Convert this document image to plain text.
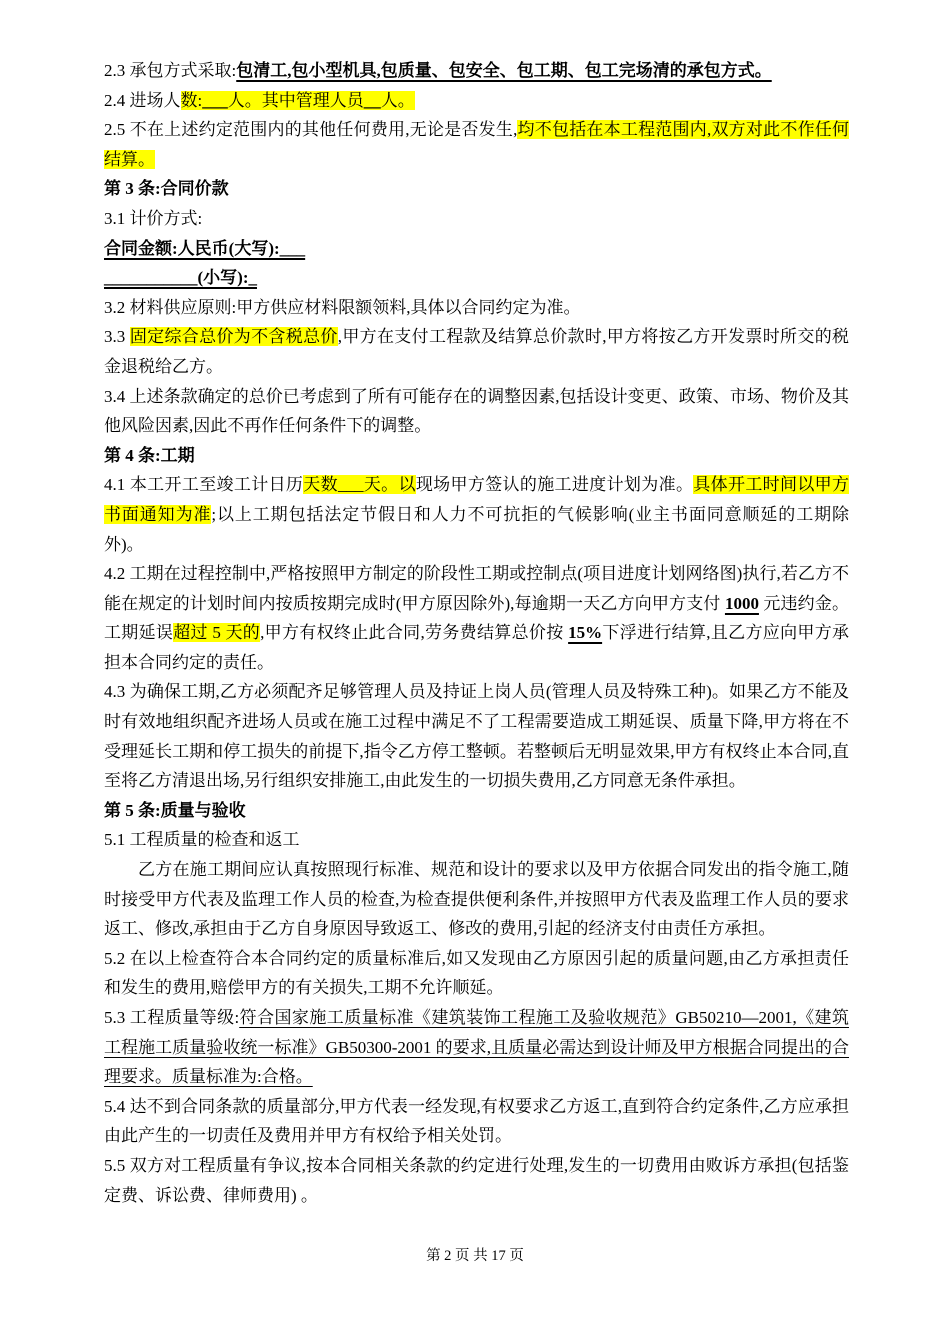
2.3 承包方式采取:包清工,包小型机具,包质量、包安全、包工期、包工完场清的承包方式。

2.4 进场人数:___人。其中管理人员__人。

2.5 不在上述约定范围内的其他任何费用,无论是否发生,均不包括在本工程范围内,双方对此不作任何结算。

第 3 条:合同价款

3.1 计价方式:

合同金额:人民币(大写):___

___________(小写):_

3.2 材料供应原则:甲方供应材料限额领料,具体以合同约定为准。

3.3 固定综合总价为不含税总价,甲方在支付工程款及结算总价款时,甲方将按乙方开发票时所交的税金退税给乙方。

3.4 上述条款确定的总价已考虑到了所有可能存在的调整因素,包括设计变更、政策、市场、物价及其他风险因素,因此不再作任何条件下的调整。

第 4 条:工期

4.1 本工开工至竣工计日历天数___天。以现场甲方签认的施工进度计划为准。具体开工时间以甲方书面通知为准;以上工期包括法定节假日和人力不可抗拒的气候影响(业主书面同意顺延的工期除外)。

4.2 工期在过程控制中,严格按照甲方制定的阶段性工期或控制点(项目进度计划网络图)执行,若乙方不能在规定的计划时间内按质按期完成时(甲方原因除外),每逾期一天乙方向甲方支付 1000 元违约金。工期延误超过 5 天的,甲方有权终止此合同,劳务费结算总价按 15%下浮进行结算,且乙方应向甲方承担本合同约定的责任。

4.3 为确保工期,乙方必须配齐足够管理人员及持证上岗人员(管理人员及特殊工种)。如果乙方不能及时有效地组织配齐进场人员或在施工过程中满足不了工程需要造成工期延误、质量下降,甲方将在不受理延长工期和停工损失的前提下,指令乙方停工整顿。若整顿后无明显效果,甲方有权终止本合同,直至将乙方清退出场,另行组织安排施工,由此发生的一切损失费用,乙方同意无条件承担。

第 5 条:质量与验收

5.1 工程质量的检查和返工

乙方在施工期间应认真按照现行标准、规范和设计的要求以及甲方依据合同发出的指令施工,随时接受甲方代表及监理工作人员的检查,为检查提供便利条件,并按照甲方代表及监理工作人员的要求返工、修改,承担由于乙方自身原因导致返工、修改的费用,引起的经济支付由责任方承担。

5.2 在以上检查符合本合同约定的质量标准后,如又发现由乙方原因引起的质量问题,由乙方承担责任和发生的费用,赔偿甲方的有关损失,工期不允许顺延。

5.3 工程质量等级:符合国家施工质量标准《建筑装饰工程施工及验收规范》GB50210—2001,《建筑工程施工质量验收统一标准》GB50300-2001 的要求,且质量必需达到设计师及甲方根据合同提出的合理要求。质量标准为:合格。

5.4 达不到合同条款的质量部分,甲方代表一经发现,有权要求乙方返工,直到符合约定条件,乙方应承担由此产生的一切责任及费用并甲方有权给予相关处罚。

5.5 双方对工程质量有争议,按本合同相关条款的约定进行处理,发生的一切费用由败诉方承担(包括鉴定费、诉讼费、律师费用) 。

第 2 页 共 17 页
